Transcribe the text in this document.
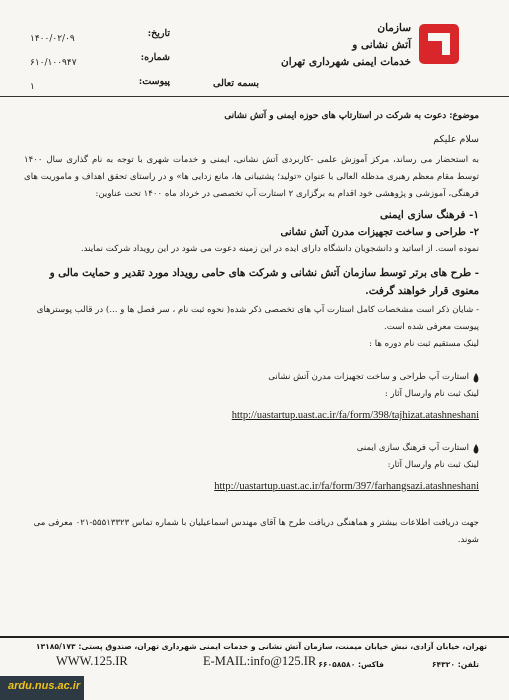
سازمان
آتش نشانی و
خدمات ایمنی شهرداری تهران
بسمه تعالی
تاریخ:
۱۴۰۰/۰۲/۰۹
شماره:
۶۱۰/۱۰۰۹۴۷
پیوست:
۱
موضوع: دعوت به شرکت در استارتاپ های حوزه ایمنی و آتش نشانی
سلام علیکم
به استحضار می رساند، مرکز آموزش علمی -کاربردی آتش نشانی، ایمنی و خدمات شهری با توجه به نام گذاری سال ۱۴۰۰ توسط مقام معظم رهبری مدظله العالی با عنوان «تولید؛ پشتیبانی ها، مانع زدایی ها» و در راستای تحقق اهداف و ماموریت های فرهنگی، آموزشی و پژوهشی خود اقدام به برگزاری ۲ استارت آپ تخصصی در خرداد ماه ۱۴۰۰ تحت عناوین:
۱- فرهنگ سازی ایمنی
۲- طراحی و ساخت تجهیزات مدرن آتش نشانی
نموده است. از اساتید و دانشجویان دانشگاه دارای ایده در این زمینه دعوت می شود در این رویداد شرکت نمایند.
- طرح های برتر توسط سازمان آتش نشانی و شرکت های حامی رویداد مورد تقدیر و حمایت مالی و معنوی قرار خواهند گرفت.
- شایان ذکر است مشخصات کامل استارت آپ های تخصصی ذکر شده( نحوه ثبت نام ، سر فصل ها و ...) در قالب پوسترهای پیوست معرفی شده است.
لینک مستقیم ثبت نام دوره ها :
استارت آپ طراحی و ساخت تجهیزات مدرن آتش نشانی
لینک ثبت نام وارسال آثار :
http://uastartup.uast.ac.ir/fa/form/398/tajhizat.atashneshani
استارت آپ فرهنگ سازی ایمنی
لینک ثبت نام وارسال آثار:
http://uastartup.uast.ac.ir/fa/form/397/farhangsazi.atashneshani
جهت دریافت اطلاعات بیشتر و هماهنگی دریافت طرح ها آقای مهندس اسماعیلیان با شماره تماس ۵۵۵۱۳۳۲۳-۰۲۱ معرفی می شوند.
تهران، خیابان آزادی، نبش خیابان میمنت، سازمان آتش نشانی و خدمات ایمنی شهرداری تهران، صندوق پستی: ۱۳۱۸۵/۱۷۳
WWW.125.IR	E-MAIL:info@125.IR فاکس: ۶۶۰۵۸۵۸۰	تلفن: ۶۴۳۲۰
ardu.nus.ac.ir
